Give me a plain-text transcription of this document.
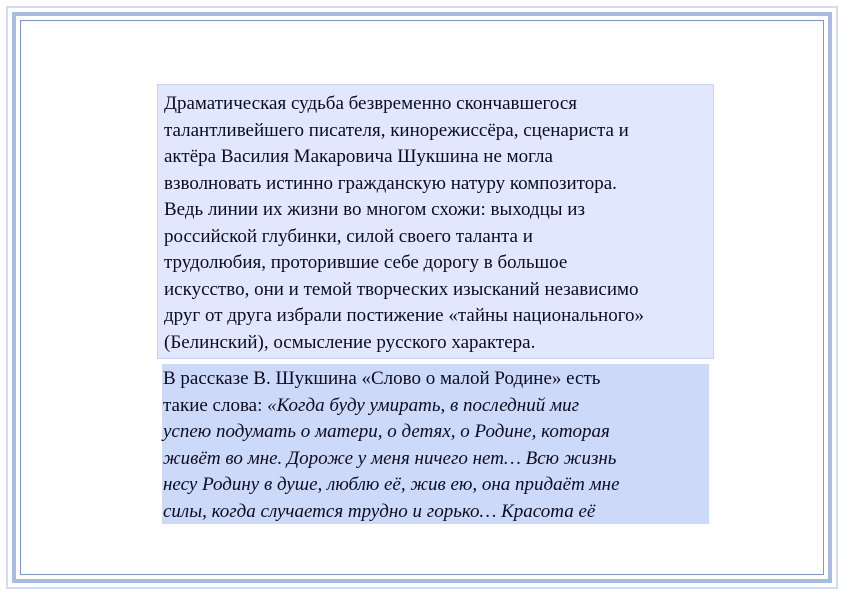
Драматическая судьба безвременно скончавшегося
талантливейшего писателя, кинорежиссёра, сценариста и
актёра Василия Макаровича Шукшина не могла
взволновать истинно гражданскую натуру композитора.
Ведь линии их жизни во многом схожи: выходцы из
российской глубинки, силой своего таланта и
трудолюбия, проторившие себе дорогу в большое
искусство, они и темой творческих изысканий независимо
друг от друга избрали постижение «тайны национального»
(Белинский), осмысление русского характера.
В рассказе В. Шукшина «Слово о малой Родине» есть
такие слова: «Когда буду умирать, в последний миг
успею подумать о матери, о детях, о Родине, которая
живёт во мне. Дороже у меня ничего нет… Всю жизнь
несу Родину в душе, люблю её, жив ею, она придаёт мне
силы, когда случается трудно и горько… Красота её
